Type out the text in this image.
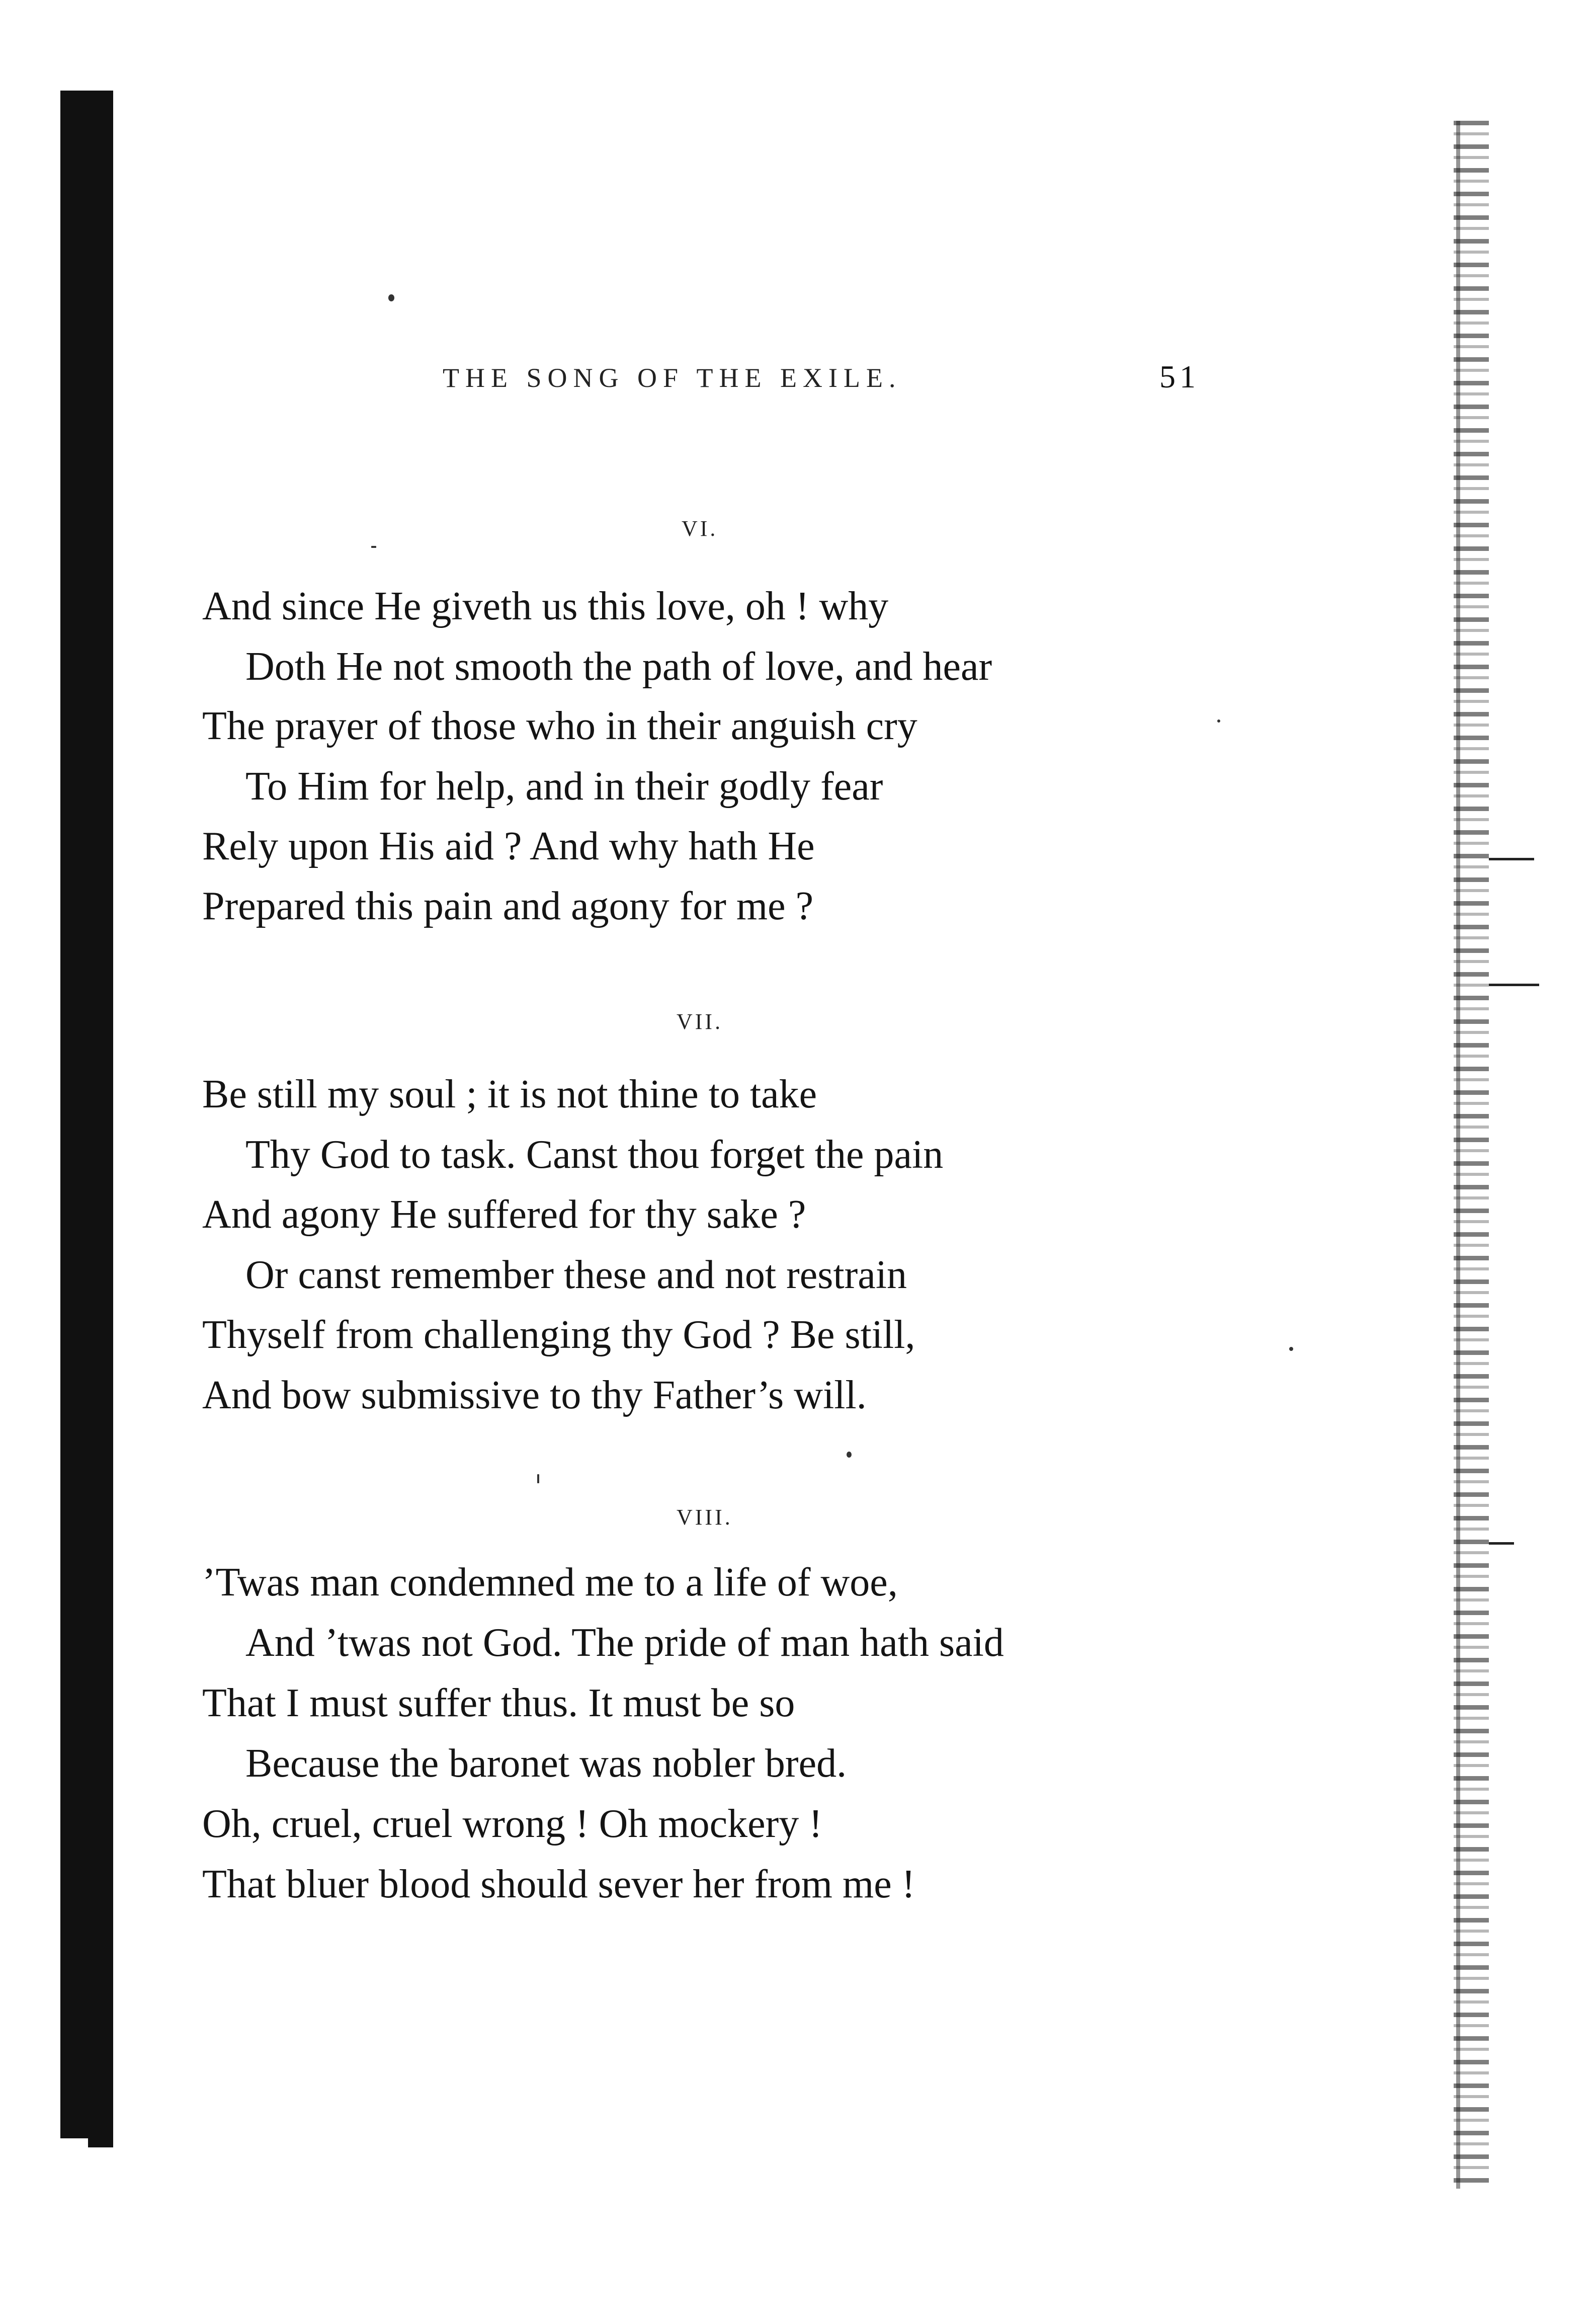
THE SONG OF THE EXILE.	51
VI.
And since He giveth us this love, oh ! why
Doth He not smooth the path of love, and hear
The prayer of those who in their anguish cry
To Him for help, and in their godly fear
Rely upon His aid ? And why hath He
Prepared this pain and agony for me ?
VII.
Be still my soul ; it is not thine to take
Thy God to task. Canst thou forget the pain
And agony He suffered for thy sake ?
Or canst remember these and not restrain
Thyself from challenging thy God ? Be still,
And bow submissive to thy Father’s will.
VIII.
’Twas man condemned me to a life of woe,
And ’twas not God. The pride of man hath said
That I must suffer thus. It must be so
Because the baronet was nobler bred.
Oh, cruel, cruel wrong ! Oh mockery !
That bluer blood should sever her from me !
